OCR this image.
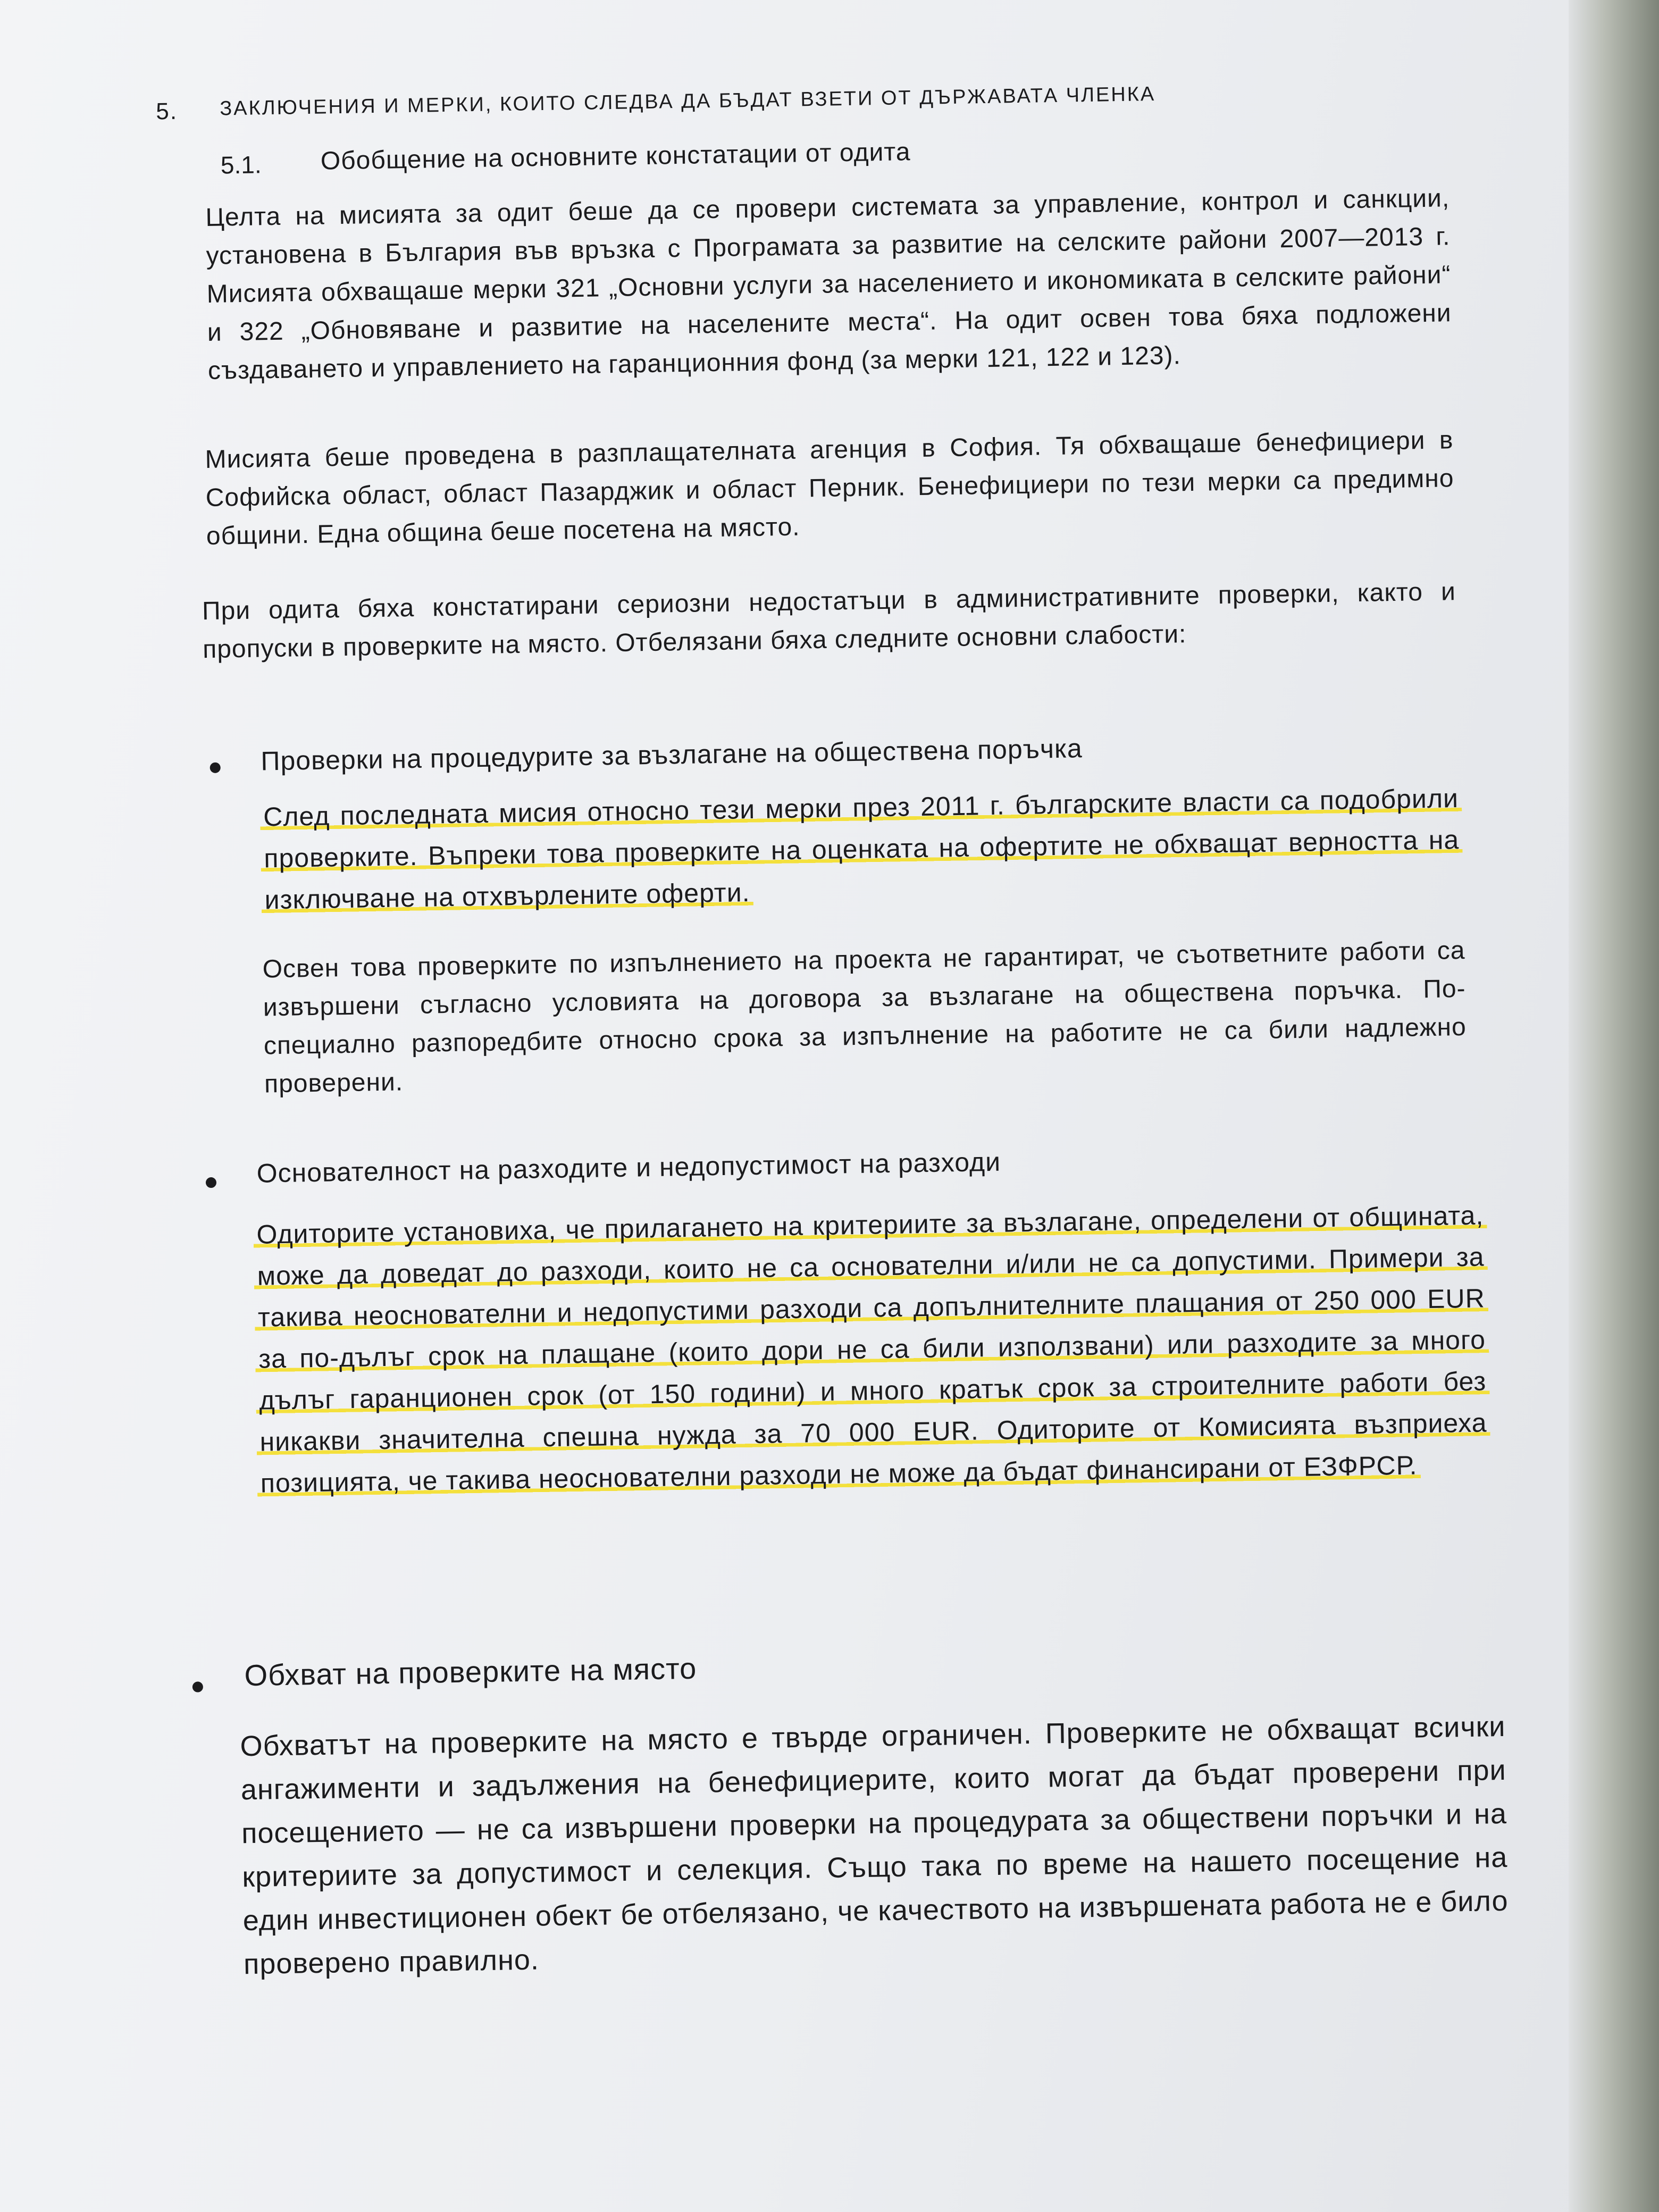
5. ЗАКЛЮЧЕНИЯ И МЕРКИ, КОИТО СЛЕДВА ДА БЪДАТ ВЗЕТИ ОТ ДЪРЖАВАТА ЧЛЕНКА
5.1. Обобщение на основните констатации от одита
Целта на мисията за одит беше да се провери системата за управление, контрол и санкции, установена в България във връзка с Програмата за развитие на селските райони 2007—2013 г. Мисията обхващаше мерки 321 „Основни услуги за населението и икономиката в селските райони“ и 322 „Обновяване и развитие на населените места“. На одит освен това бяха подложени създаването и управлението на гаранционния фонд (за мерки 121, 122 и 123).
Мисията беше проведена в разплащателната агенция в София. Тя обхващаше бенефициери в Софийска област, област Пазарджик и област Перник. Бенефициери по тези мерки са предимно общини. Една община беше посетена на място.
При одита бяха констатирани сериозни недостатъци в административните проверки, както и пропуски в проверките на място. Отбелязани бяха следните основни слабости:
Проверки на процедурите за възлагане на обществена поръчка
След последната мисия относно тези мерки през 2011 г. българските власти са подобрили проверките. Въпреки това проверките на оценката на офертите не обхващат верността на изключване на отхвърлените оферти.
Освен това проверките по изпълнението на проекта не гарантират, че съответните работи са извършени съгласно условията на договора за възлагане на обществена поръчка. По-специално разпоредбите относно срока за изпълнение на работите не са били надлежно проверени.
Основателност на разходите и недопустимост на разходи
Одиторите установиха, че прилагането на критериите за възлагане, определени от общината, може да доведат до разходи, които не са основателни и/или не са допустими. Примери за такива неоснователни и недопустими разходи са допълнителните плащания от 250 000 EUR за по-дълъг срок на плащане (които дори не са били използвани) или разходите за много дълъг гаранционен срок (от 150 години) и много кратък срок за строителните работи без никакви значителна спешна нужда за 70 000 EUR. Одиторите от Комисията възприеха позицията, че такива неоснователни разходи не може да бъдат финансирани от ЕЗФРСР.
Обхват на проверките на място
Обхватът на проверките на място е твърде ограничен. Проверките не обхващат всички ангажименти и задължения на бенефициерите, които могат да бъдат проверени при посещението — не са извършени проверки на процедурата за обществени поръчки и на критериите за допустимост и селекция. Също така по време на нашето посещение на един инвестиционен обект бе отбелязано, че качеството на извършената работа не е било проверено правилно.
